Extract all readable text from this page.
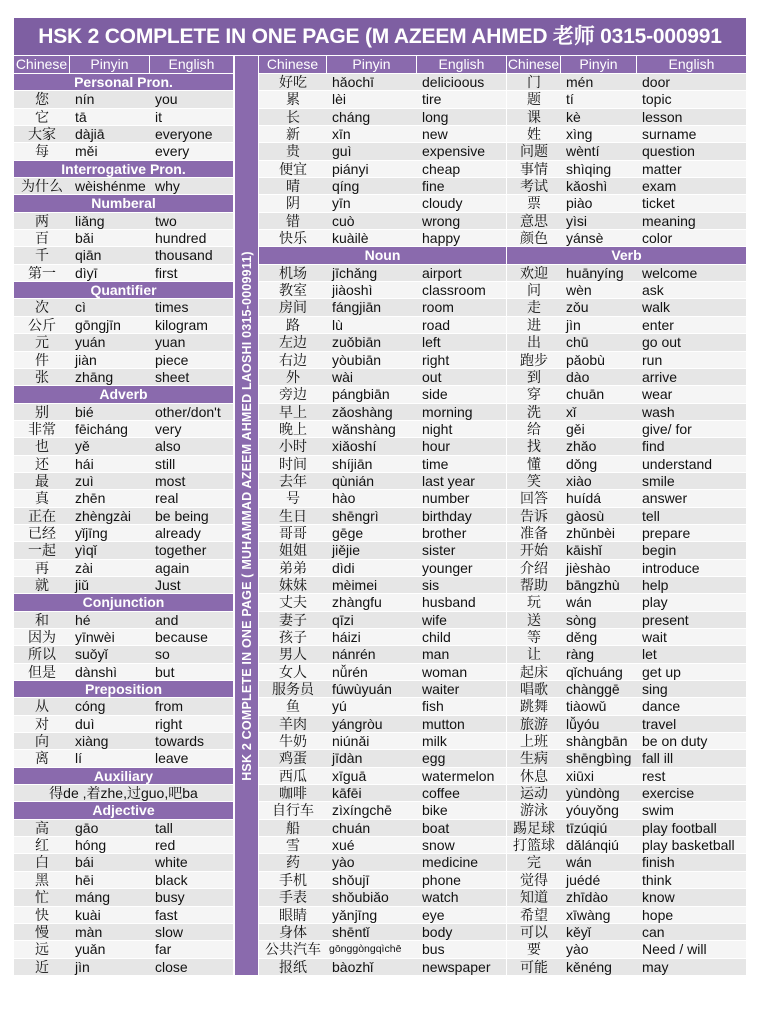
HSK 2 COMPLETE IN ONE PAGE (M AZEEM AHMED 老师 0315-000991
Chinese	Pinyin	English
Personal Pron.
您	nín	you
它	tā	it
大家	dàjiā	everyone
每	měi	every
Interrogative Pron.
为什么 wèishénme why
Numberal
两	liǎng	two
百	bǎi	hundred
千	qiān	thousand
第一	dìyī	first
Quantifier
次	cì	times
公斤	gōngjīn	kilogram
元	yuán	yuan
件	jiàn	piece
张	zhāng	sheet
Adverb
别	bié	other/don't
非常	fēicháng	very
也	yě	also
还	hái	still
最	zuì	most
真	zhēn	real
正在	zhèngzài	be being
已经	yǐjīng	already
一起	yìqǐ	together
再	zài	again
就	jiǔ	Just
Conjunction
和	hé	and
因为	yīnwèi	because
所以	suǒyǐ	so
但是	dànshì	but
Preposition
从	cóng	from
对	duì	right
向	xiàng	towards
离	lí	leave
Auxiliary
得de ,着zhe,过guo,吧ba
Adjective
高	gāo	tall
红	hóng	red
白	bái	white
黑	hēi	black
忙	máng	busy
快	kuài	fast
慢	màn	slow
远	yuǎn	far
近	jìn	close
HSK 2 COMPLETE IN ONE PAGE ( MUHAMMAD AZEEM AHMED LAOSHI 0315-0009911)
Chinese	Pinyin	English
好吃	hǎochī	delicioous
累	lèi	tire
长	cháng	long
新	xīn	new
贵	guì	expensive
便宜	piányi	cheap
晴	qíng	fine
阴	yīn	cloudy
错	cuò	wrong
快乐	kuàilè	happy
Noun
机场	jīchǎng	airport
教室	jiàoshì	classroom
房间	fángjiān	room
路	lù	road
左边	zuǒbiān	left
右边	yòubiān	right
外	wài	out
旁边	pángbiān	side
早上	zǎoshàng	morning
晚上	wǎnshàng	night
小时	xiǎoshí	hour
时间	shíjiān	time
去年	qùnián	last year
号	hào	number
生日	shēngrì	birthday
哥哥	gēge	brother
姐姐	jiějie	sister
弟弟	dìdi	younger
妹妹	mèimei	sis
丈夫	zhàngfu	husband
妻子	qīzi	wife
孩子	háizi	child
男人	nánrén	man
女人	nǚrén	woman
服务员	fúwùyuán	waiter
鱼	yú	fish
羊肉	yángròu	mutton
牛奶	niúnǎi	milk
鸡蛋	jīdàn	egg
西瓜	xīguā	watermelon
咖啡	kāfēi	coffee
自行车	zìxíngchē	bike
船	chuán	boat
雪	xué	snow
药	yào	medicine
手机	shǒujī	phone
手表	shǒubiǎo	watch
眼睛	yǎnjīng	eye
身体	shēntǐ	body
公共汽车 gōnggòngqìchē	bus
报纸	bàozhǐ	newspaper
Chinese	Pinyin	English
门	mén	door
题	tí	topic
课	kè	lesson
姓	xìng	surname
问题	wèntí	question
事情	shìqing	matter
考试	kǎoshì	exam
票	piào	ticket
意思	yìsi	meaning
颜色	yánsè	color
Verb
欢迎	huānyíng	welcome
问	wèn	ask
走	zǒu	walk
进	jìn	enter
出	chū	go out
跑步	pǎobù	run
到	dào	arrive
穿	chuān	wear
洗	xǐ	wash
给	gěi	give/ for
找	zhǎo	find
懂	dǒng	understand
笑	xiào	smile
回答	huídá	answer
告诉	gàosù	tell
准备	zhǔnbèi	prepare
开始	kāishǐ	begin
介绍	jièshào	introduce
帮助	bāngzhù	help
玩	wán	play
送	sòng	present
等	děng	wait
让	ràng	let
起床	qǐchuáng	get up
唱歌	chànggē	sing
跳舞	tiàowǔ	dance
旅游	lǚyóu	travel
上班	shàngbān	be on duty
生病	shēngbìng fall ill
休息	xiūxi	rest
运动	yùndòng	exercise
游泳	yóuyǒng	swim
踢足球 tīzúqiú	play football
打篮球 dǎlánqiú	play basketball
完	wán	finish
觉得	juédé	think
知道	zhīdào	know
希望	xīwàng	hope
可以	kěyǐ	can
要	yào	Need / will
可能	kěnéng	may
